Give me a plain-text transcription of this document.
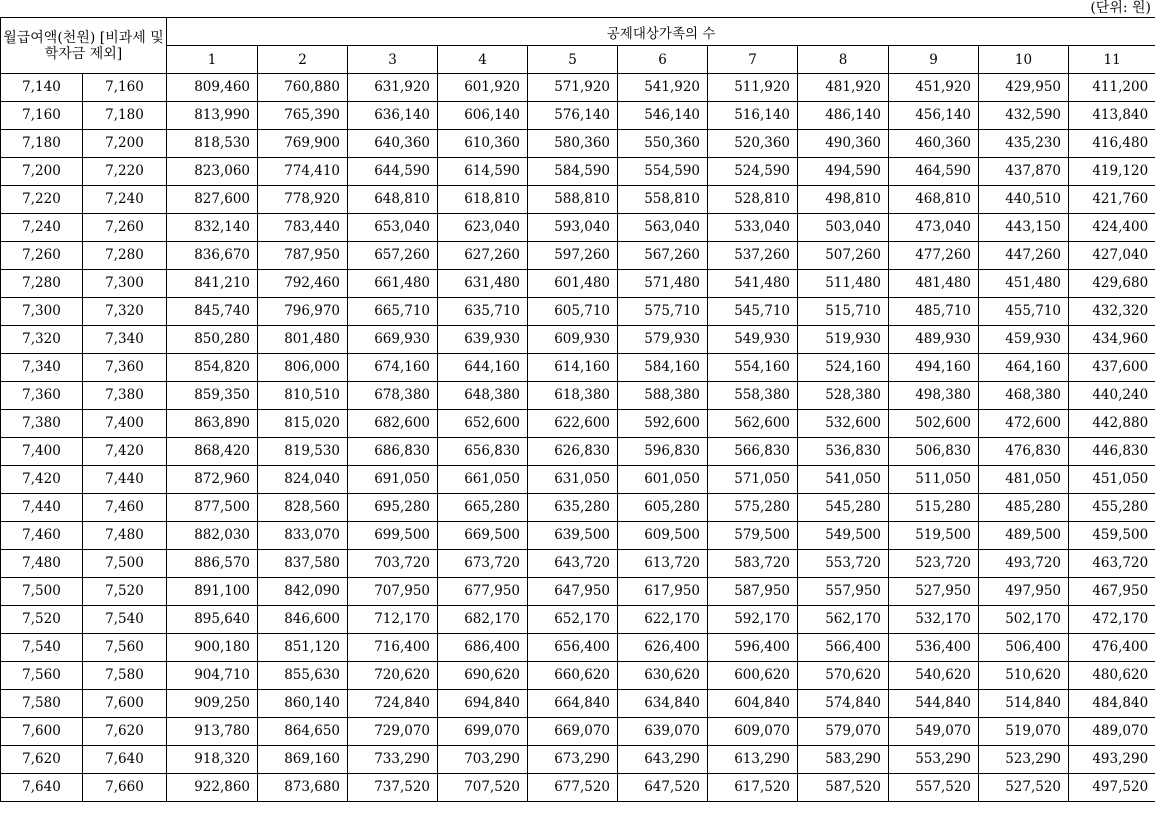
(단위: 원)
월급여액(천원) [비과세 및 학자금 제외]		공제대상가족의 수										
		1	2	3	4	5	6	7	8	9	10	11
7,140	7,160	809,460	760,880	631,920	601,920	571,920	541,920	511,920	481,920	451,920	429,950	411,200
7,160	7,180	813,990	765,390	636,140	606,140	576,140	546,140	516,140	486,140	456,140	432,590	413,840
7,180	7,200	818,530	769,900	640,360	610,360	580,360	550,360	520,360	490,360	460,360	435,230	416,480
7,200	7,220	823,060	774,410	644,590	614,590	584,590	554,590	524,590	494,590	464,590	437,870	419,120
7,220	7,240	827,600	778,920	648,810	618,810	588,810	558,810	528,810	498,810	468,810	440,510	421,760
7,240	7,260	832,140	783,440	653,040	623,040	593,040	563,040	533,040	503,040	473,040	443,150	424,400
7,260	7,280	836,670	787,950	657,260	627,260	597,260	567,260	537,260	507,260	477,260	447,260	427,040
7,280	7,300	841,210	792,460	661,480	631,480	601,480	571,480	541,480	511,480	481,480	451,480	429,680
7,300	7,320	845,740	796,970	665,710	635,710	605,710	575,710	545,710	515,710	485,710	455,710	432,320
7,320	7,340	850,280	801,480	669,930	639,930	609,930	579,930	549,930	519,930	489,930	459,930	434,960
7,340	7,360	854,820	806,000	674,160	644,160	614,160	584,160	554,160	524,160	494,160	464,160	437,600
7,360	7,380	859,350	810,510	678,380	648,380	618,380	588,380	558,380	528,380	498,380	468,380	440,240
7,380	7,400	863,890	815,020	682,600	652,600	622,600	592,600	562,600	532,600	502,600	472,600	442,880
7,400	7,420	868,420	819,530	686,830	656,830	626,830	596,830	566,830	536,830	506,830	476,830	446,830
7,420	7,440	872,960	824,040	691,050	661,050	631,050	601,050	571,050	541,050	511,050	481,050	451,050
7,440	7,460	877,500	828,560	695,280	665,280	635,280	605,280	575,280	545,280	515,280	485,280	455,280
7,460	7,480	882,030	833,070	699,500	669,500	639,500	609,500	579,500	549,500	519,500	489,500	459,500
7,480	7,500	886,570	837,580	703,720	673,720	643,720	613,720	583,720	553,720	523,720	493,720	463,720
7,500	7,520	891,100	842,090	707,950	677,950	647,950	617,950	587,950	557,950	527,950	497,950	467,950
7,520	7,540	895,640	846,600	712,170	682,170	652,170	622,170	592,170	562,170	532,170	502,170	472,170
7,540	7,560	900,180	851,120	716,400	686,400	656,400	626,400	596,400	566,400	536,400	506,400	476,400
7,560	7,580	904,710	855,630	720,620	690,620	660,620	630,620	600,620	570,620	540,620	510,620	480,620
7,580	7,600	909,250	860,140	724,840	694,840	664,840	634,840	604,840	574,840	544,840	514,840	484,840
7,600	7,620	913,780	864,650	729,070	699,070	669,070	639,070	609,070	579,070	549,070	519,070	489,070
7,620	7,640	918,320	869,160	733,290	703,290	673,290	643,290	613,290	583,290	553,290	523,290	493,290
7,640	7,660	922,860	873,680	737,520	707,520	677,520	647,520	617,520	587,520	557,520	527,520	497,520
